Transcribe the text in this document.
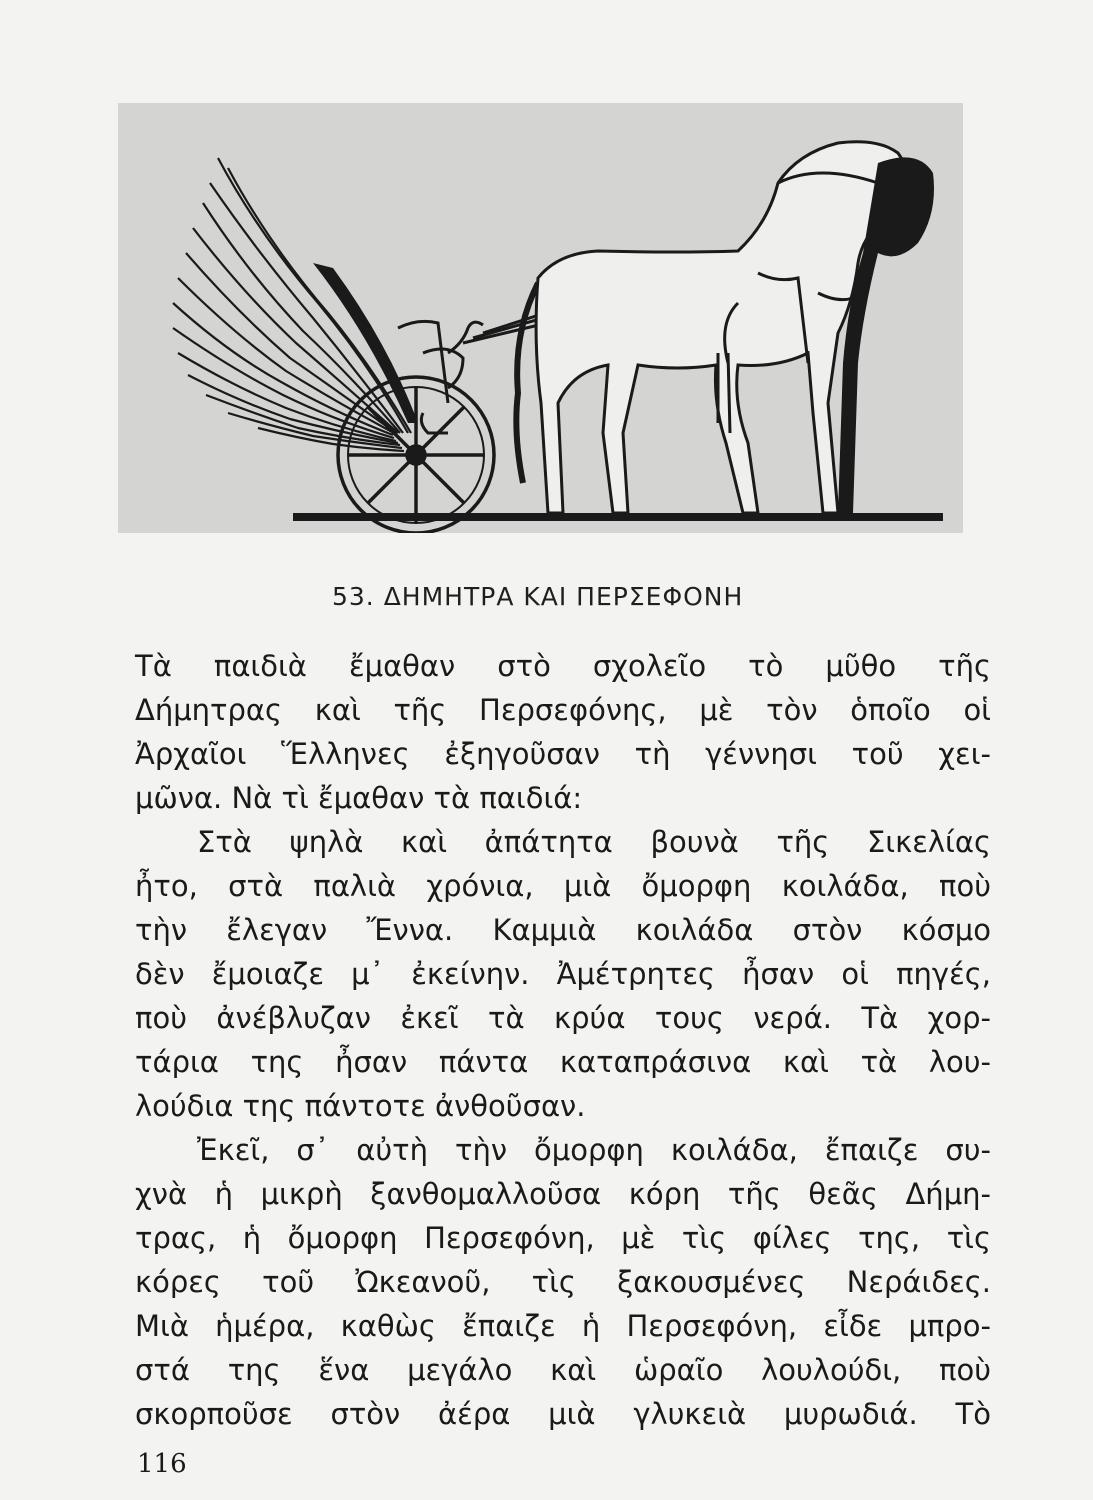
53. ΔΗΜΗΤΡΑ ΚΑΙ ΠΕΡΣΕΦΟΝΗ
Τὰ παιδιὰ ἔμαθαν στὸ σχολεῖο τὸ μῦθο τῆς
Δήμητρας καὶ τῆς Περσεφόνης, μὲ τὸν ὁποῖο οἱ
Ἀρχαῖοι Ἕλληνες ἐξηγοῦσαν τὴ γέννησι τοῦ χει-
μῶνα. Νὰ τὶ ἔμαθαν τὰ παιδιά:
Στὰ ψηλὰ καὶ ἀπάτητα βουνὰ τῆς Σικελίας
ἦτο, στὰ παλιὰ χρόνια, μιὰ ὄμορφη κοιλάδα, ποὺ
τὴν ἔλεγαν Ἔννα. Καμμιὰ κοιλάδα στὸν κόσμο
δὲν ἔμοιαζε μ᾿ ἐκείνην. Ἀμέτρητες ἦσαν οἱ πηγές,
ποὺ ἀνέβλυζαν ἐκεῖ τὰ κρύα τους νερά. Τὰ χορ-
τάρια της ἦσαν πάντα καταπράσινα καὶ τὰ λου-
λούδια της πάντοτε ἀνθοῦσαν.
Ἐκεῖ, σ᾿ αὐτὴ τὴν ὄμορφη κοιλάδα, ἔπαιζε συ-
χνὰ ἡ μικρὴ ξανθομαλλοῦσα κόρη τῆς θεᾶς Δήμη-
τρας, ἡ ὄμορφη Περσεφόνη, μὲ τὶς φίλες της, τὶς
κόρες τοῦ Ὠκεανοῦ, τὶς ξακουσμένες Νεράιδες.
Μιὰ ἡμέρα, καθὼς ἔπαιζε ἡ Περσεφόνη, εἶδε μπρο-
στά της ἕνα μεγάλο καὶ ὡραῖο λουλούδι, ποὺ
σκορποῦσε στὸν ἀέρα μιὰ γλυκειὰ μυρωδιά. Τὸ
116
